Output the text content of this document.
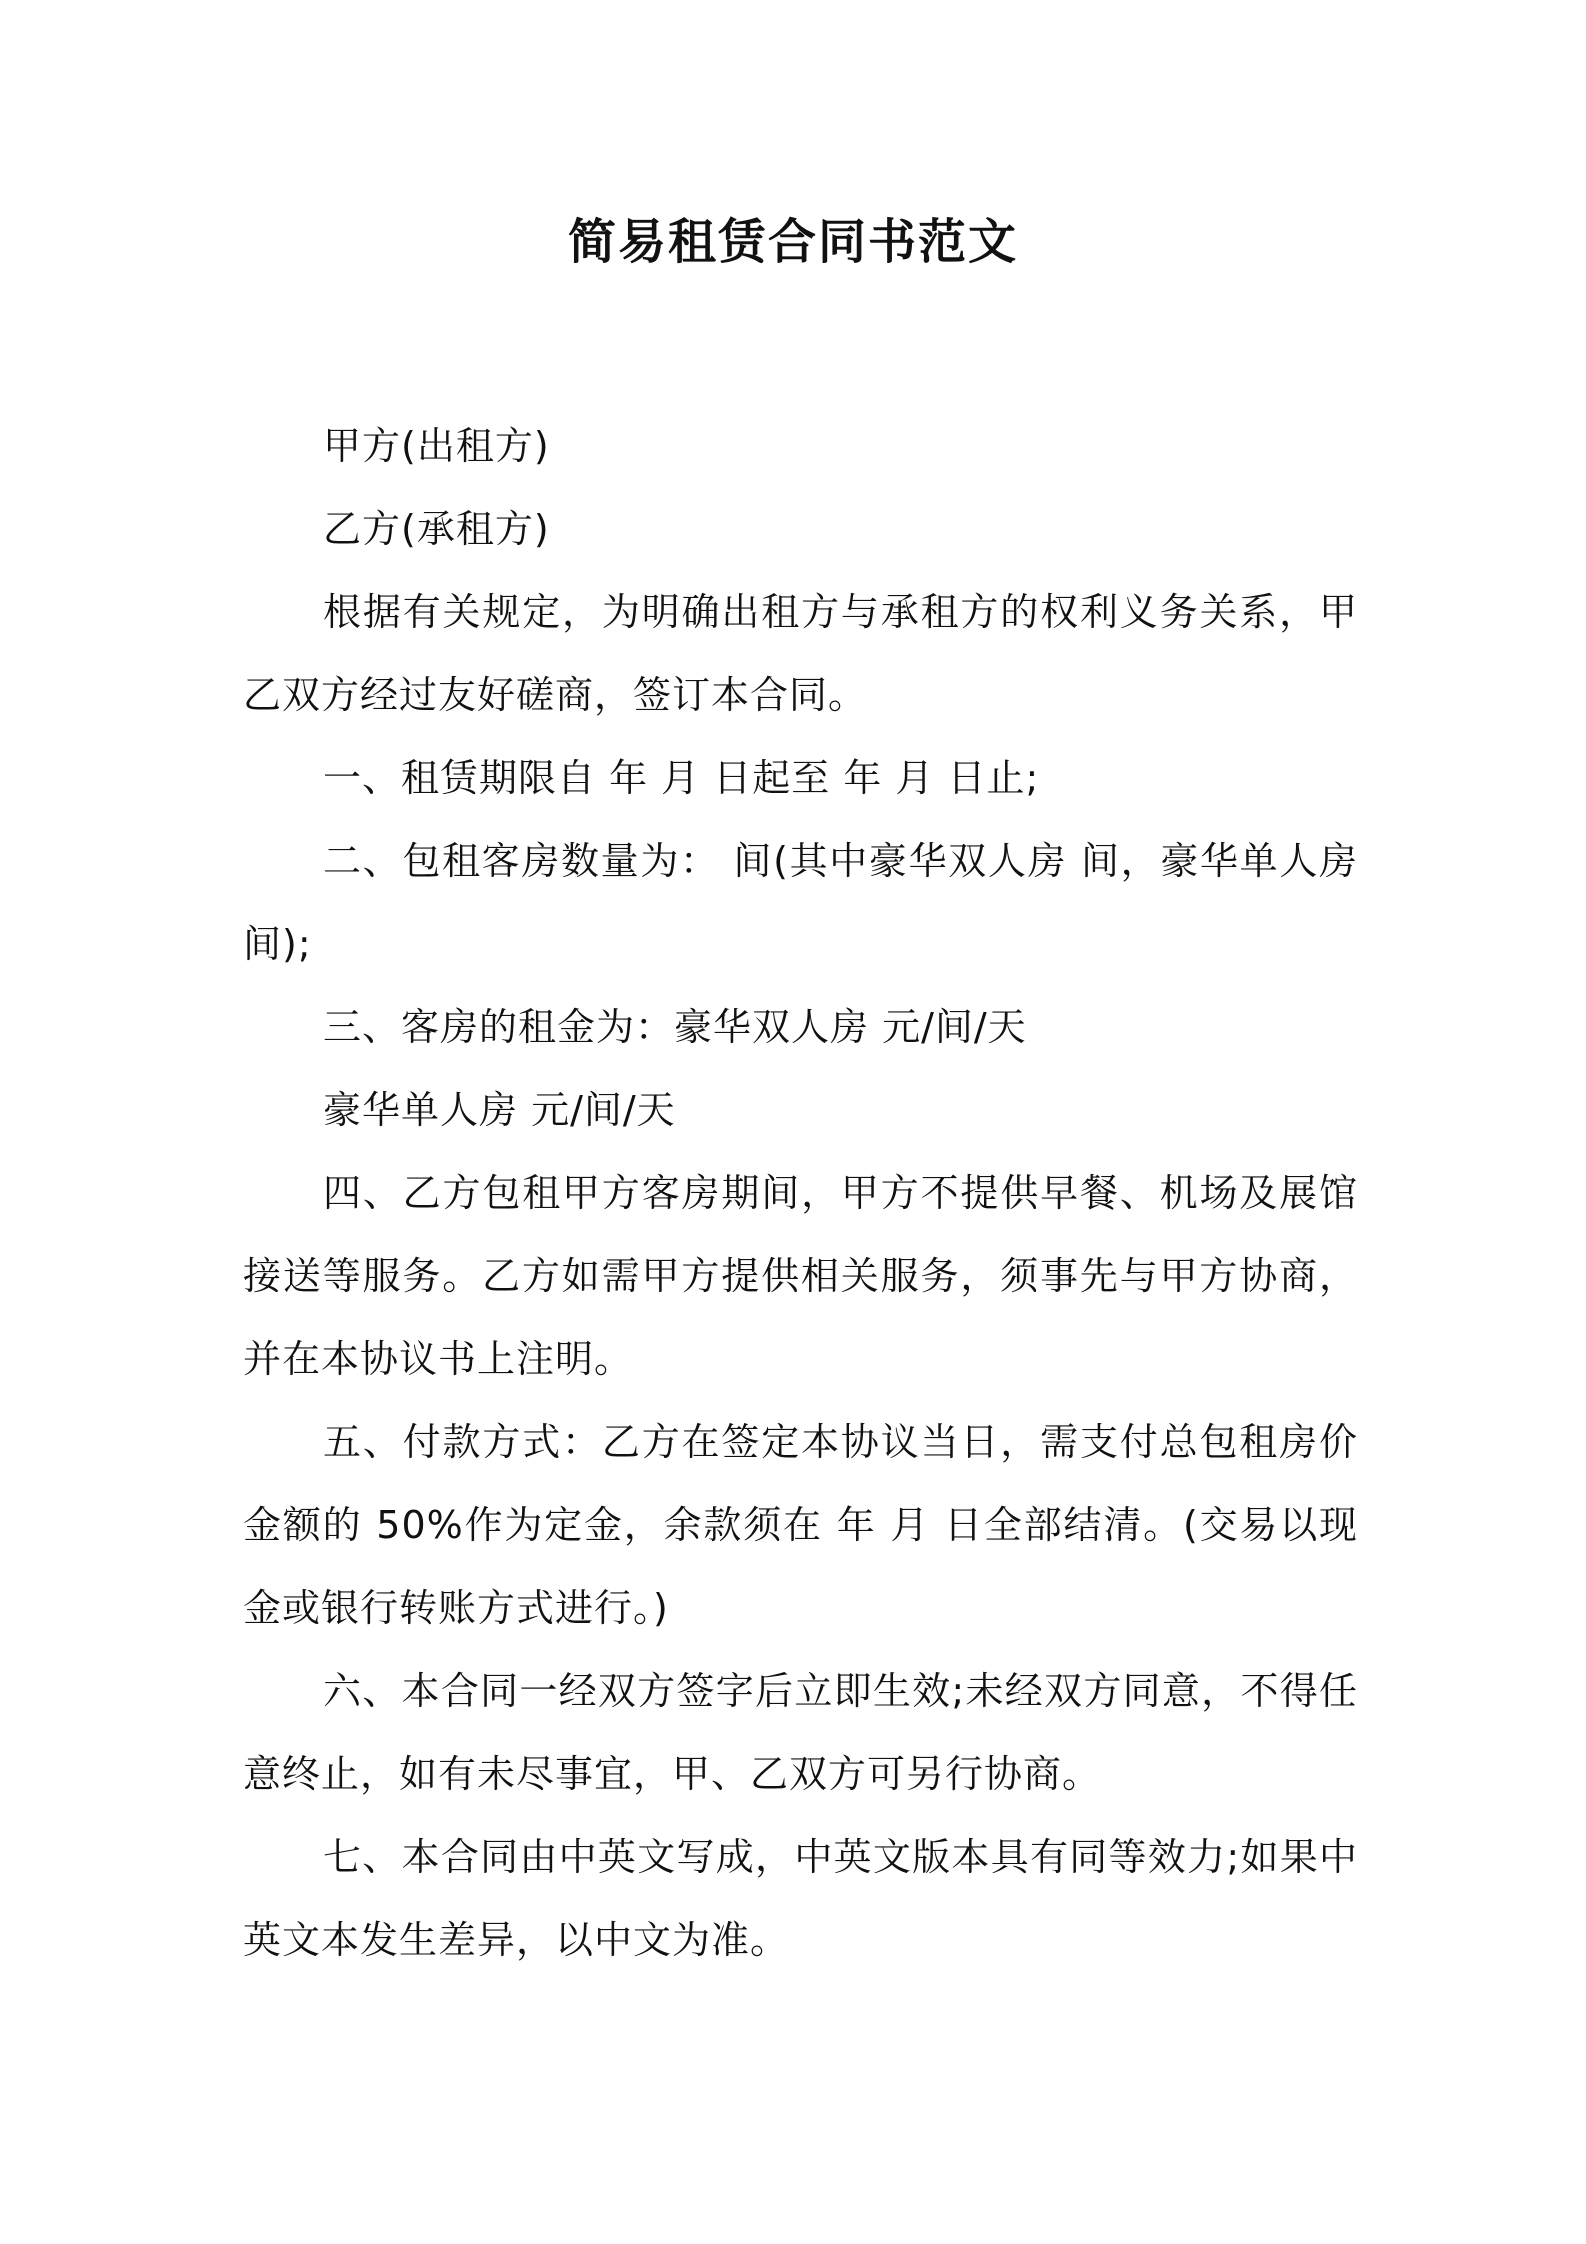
简易租赁合同书范文

甲方(出租方)

乙方(承租方)

根据有关规定，为明确出租方与承租方的权利义务关系，甲乙双方经过友好磋商，签订本合同。

一、租赁期限自 年 月 日起至 年 月 日止;

二、包租客房数量为： 间(其中豪华双人房 间，豪华单人房 间);

三、客房的租金为：豪华双人房 元/间/天

豪华单人房 元/间/天

四、乙方包租甲方客房期间，甲方不提供早餐、机场及展馆接送等服务。乙方如需甲方提供相关服务，须事先与甲方协商，并在本协议书上注明。

五、付款方式：乙方在签定本协议当日，需支付总包租房价金额的 50%作为定金，余款须在 年 月 日全部结清。(交易以现金或银行转账方式进行。)

六、本合同一经双方签字后立即生效;未经双方同意，不得任意终止，如有未尽事宜，甲、乙双方可另行协商。

七、本合同由中英文写成，中英文版本具有同等效力;如果中英文本发生差异，以中文为准。
